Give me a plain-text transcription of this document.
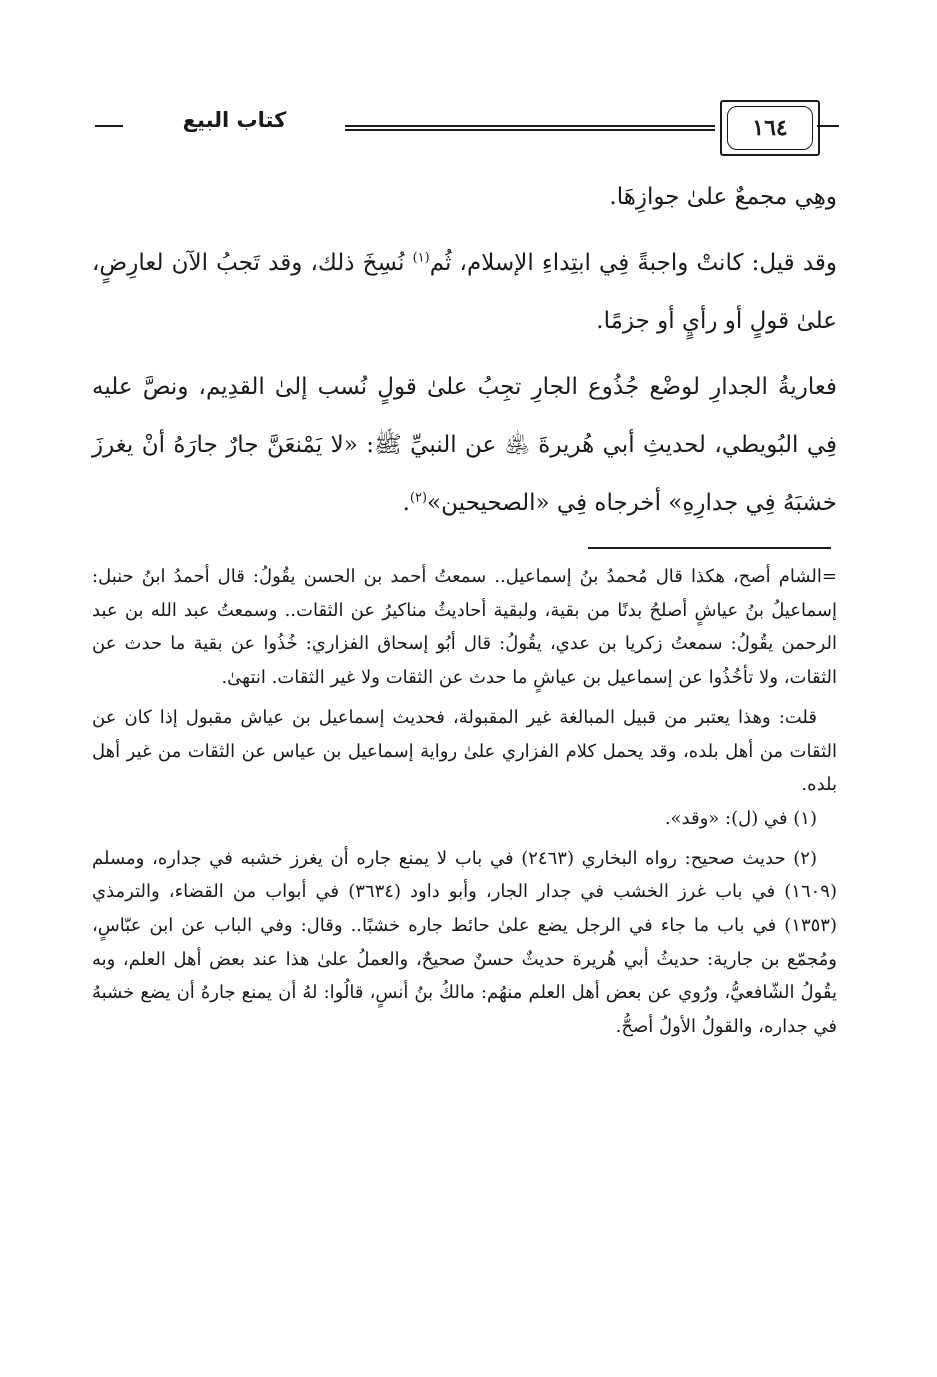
كتاب البيع	١٦٤

وهِي مجمعٌ علىٰ جوازِهَا.

وقد قيل: كانتْ واجبةً فِي ابتِداءِ الإسلام، ثُم$^{(١)}$ نُسِخَ ذلك، وقد تَجبُ الآن لعارِضٍ، علىٰ قولٍ أو رأيٍ أو جزمًا.

فعاريةُ الجدارِ لوضْع جُذُوع الجارِ تجِبُ علىٰ قولٍ نُسب إلىٰ القدِيم، ونصَّ عليه فِي البُويطي، لحديثِ أبي هُريرةَ ﵁ عن النبيِّ ﷺ: «لا يَمْنعَنَّ جارٌ جارَهُ أنْ يغرزَ خشبَهُ فِي جدارِهِ» أخرجاه فِي «الصحيحين»$^{(٢)}$.

=الشام أصح، هكذا قال مُحمدُ بنُ إسماعيل.. سمعتُ أحمد بن الحسن يقُولُ: قال أحمدُ ابنُ حنبل: إسماعيلُ بنُ عياشٍ أصلحُ بدنًا من بقية، ولبقية أحاديثُ مناكيرُ عن الثقات.. وسمعتُ عبد الله بن عبد الرحمن يقُولُ: سمعتُ زكريا بن عدي، يقُولُ: قال أبُو إسحاق الفزاري: خُذُوا عن بقية ما حدث عن الثقات، ولا تأخُذُوا عن إسماعيل بن عياشٍ ما حدث عن الثقات ولا غير الثقات. انتهىٰ.

قلت: وهذا يعتبر من قبيل المبالغة غير المقبولة، فحديث إسماعيل بن عياش مقبول إذا كان عن الثقات من أهل بلده، وقد يحمل كلام الفزاري علىٰ رواية إسماعيل بن عياس عن الثقات من غير أهل بلده.

(١) في (ل): «وقد».

(٢) حديث صحيح: رواه البخاري (٢٤٦٣) في باب لا يمنع جاره أن يغرز خشبه في جداره، ومسلم (١٦٠٩) في باب غرز الخشب في جدار الجار، وأبو داود (٣٦٣٤) في أبواب من القضاء، والترمذي (١٣٥٣) في باب ما جاء في الرجل يضع علىٰ حائط جاره خشبًا.. وقال: وفي الباب عن ابن عبّاسٍ، ومُجمّع بن جارية: حديثُ أبي هُريرة حديثٌ حسنٌ صحيحٌ، والعملُ علىٰ هذا عند بعض أهل العلم، وبه يقُولُ الشّافعيُّ، ورُوي عن بعض أهل العلم منهُم: مالكُ بنُ أنسٍ، قالُوا: لهُ أن يمنع جارهُ أن يضع خشبهُ في جداره، والقولُ الأولُ أصحُّ.
